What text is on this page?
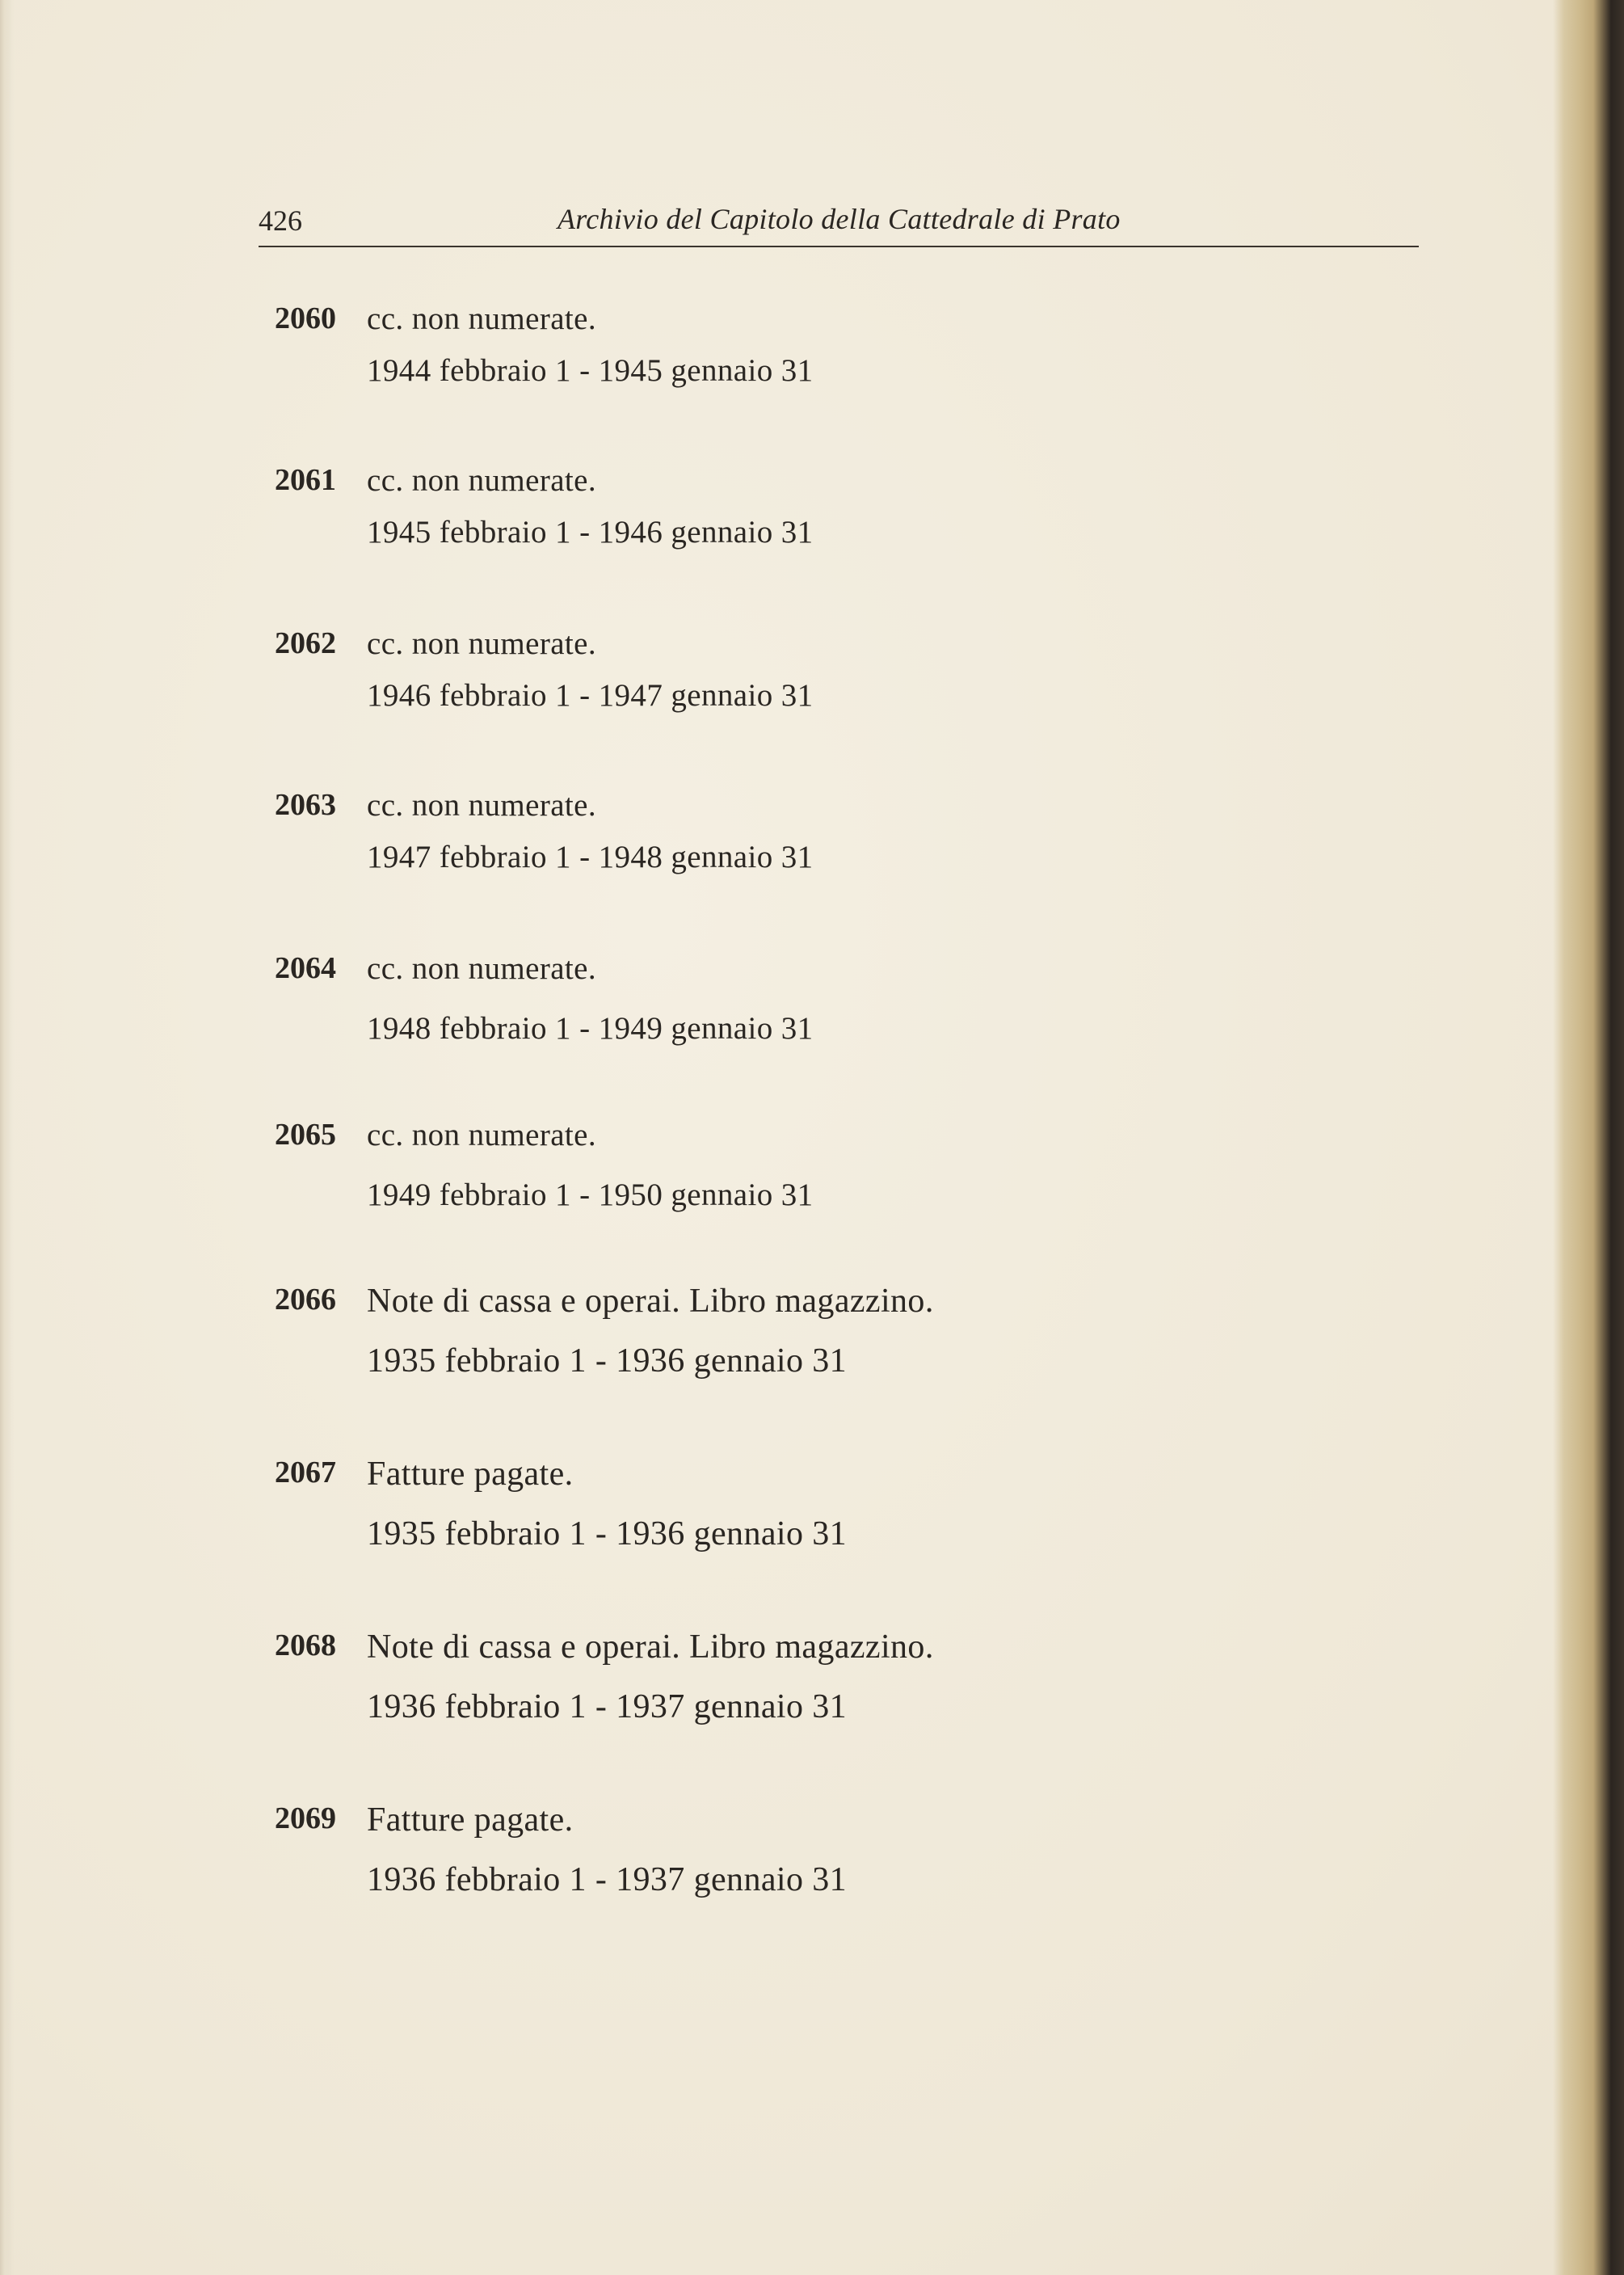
426	Archivio del Capitolo della Cattedrale di Prato
2060 cc. non numerate.
1944 febbraio 1 - 1945 gennaio 31
2061 cc. non numerate.
1945 febbraio 1 - 1946 gennaio 31
2062 cc. non numerate.
1946 febbraio 1 - 1947 gennaio 31
2063 cc. non numerate.
1947 febbraio 1 - 1948 gennaio 31
2064 cc. non numerate.
1948 febbraio 1 - 1949 gennaio 31
2065 cc. non numerate.
1949 febbraio 1 - 1950 gennaio 31
2066 Note di cassa e operai. Libro magazzino.
1935 febbraio 1 - 1936 gennaio 31
2067 Fatture pagate.
1935 febbraio 1 - 1936 gennaio 31
2068 Note di cassa e operai. Libro magazzino.
1936 febbraio 1 - 1937 gennaio 31
2069 Fatture pagate.
1936 febbraio 1 - 1937 gennaio 31
